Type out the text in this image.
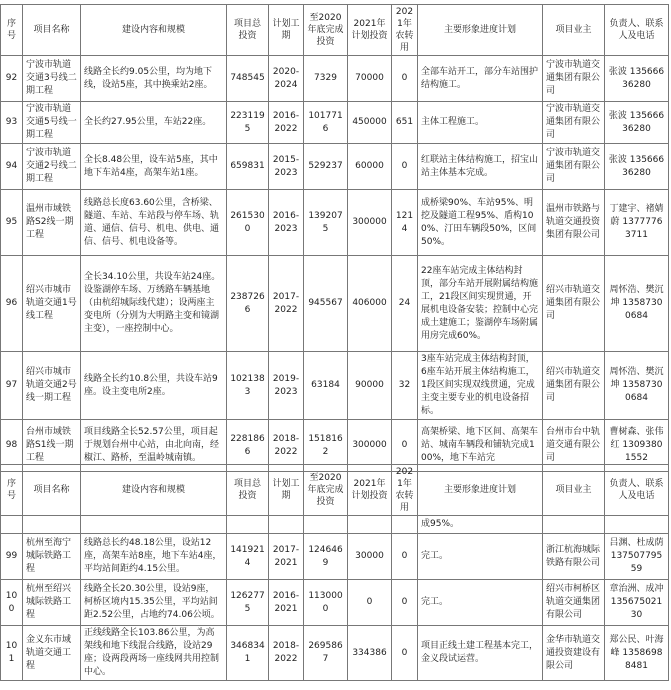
序号	项目名称	建设内容和规模	项目总投资	计划工期	至2020年底完成投资	2021年计划投资	2021年农转用	主要形象进度计划	项目业主	负责人、联系人及电话
92	宁波市轨道交通3号线二期工程	线路全长约9.05公里，均为地下线，设站5座，其中换乘站2座。	748545	2020-2024	7329	70000	0	全部车站开工，部分车站围护结构施工。	宁波市轨道交通集团有限公司	张波 13566636280
93	宁波市轨道交通5号线一期工程	全长约27.95公里，车站22座。	2231195	2016-2022	1017716	450000	651	主体工程施工。	宁波市轨道交通集团有限公司	张波 13566636280
94	宁波市轨道交通2号线二期工程	全长8.48公里，设车站5座，其中地下车站4座，高架车站1座。	659831	2015-2023	529237	60000	0	红联站主体结构施工，招宝山站主体基本完成。	宁波市轨道交通集团有限公司	张波 13566636280
95	温州市域铁路S2线一期工程	线路总长度63.60公里，含桥梁、隧道、车站、车站段与停车场、轨道、通信、信号、机电、供电、通信、信号、机电设备等。	2615300	2016-2023	1392075	300000	1214	成桥梁90%、车站95%、明挖及隧道工程95%、盾构100%、汀田车辆段50%，区间50%。	温州市铁路与轨道交通投资集团有限公司	丁建宇、褚婧蔚 13777763711
96	绍兴市城市轨道交通1号线工程	全长34.10公里，共设车站24座。设鉴湖停车场、万绣路车辆基地（由杭绍城际线代建）；设两座主变电所（分别为大明路主变和镜湖主变），一座控制中心。	2387266	2017-2022	945567	406000	24	22座车站完成主体结构封顶，部分车站开展附属结构施工，21段区间实现贯通，开展机电设备安装；控制中心完成土建施工；鉴湖停车场附属用房完成60%。	绍兴市轨道交通集团有限公司	周怀浩、樊沉坤 13587300684
97	绍兴市城市轨道交通2号线一期工程	线路全长约10.8公里，共设车站9座。设主变电所2座。	1021383	2019-2023	63184	90000	32	3座车站完成主体结构封顶，6座车站开展主体结构施工，1段区间实现双线贯通，完成主变主要专业的机电设备招标。	绍兴市轨道交通集团有限公司	周怀浩、樊沉坤 13587300684
98	台州市域铁路S1线一期工程	项目线路全长52.57公里，项目起于规划台州中心站，由北向南，经椒江、路桥，至温岭城南镇。	2281866	2018-2022	1518162	300000	0	高架桥梁、地下区间、高架车站、城南车辆段和铺轨完成100%，地下车站完	台州市台中轨道交通有限公司	曹树森、张伟红 13093801552
序号	项目名称	建设内容和规模	项目总投资	计划工期	至2020年底完成投资	2021年计划投资	2021年农转用	主要形象进度计划	项目业主	负责人、联系人及电话
								成95%。		
99	杭州至海宁城际铁路工程	线路总长约48.18公里，设站12座，高架车站8座，地下车站4座，平均站间距约4.15公里。	1419214	2017-2021	1246469	30000	0	完工。	浙江杭海城际铁路有限公司	吕渊、杜成荫 13750779559
100	杭州至绍兴城际铁路工程	线路全长20.30公里，设站9座，柯桥区境内15.35公里，平均站间距2.52公里，占地约74.06公顷。	1262775	2016-2021	1130000	0	0	完工。	绍兴市柯桥区轨道交通集团有限公司	章治洲、成冲 13567502130
101	金义东市域轨道交通工程	正线线路全长103.86公里，为高架线和地下线混合线路，设站29座；设两段两场一座线网共用控制中心。	3468341	2018-2022	2695867	334386	0	项目正线土建工程基本完工，金义段试运营。	金华市轨道交通投资建设有限公司	郑公民、叶海峰 13586988481
